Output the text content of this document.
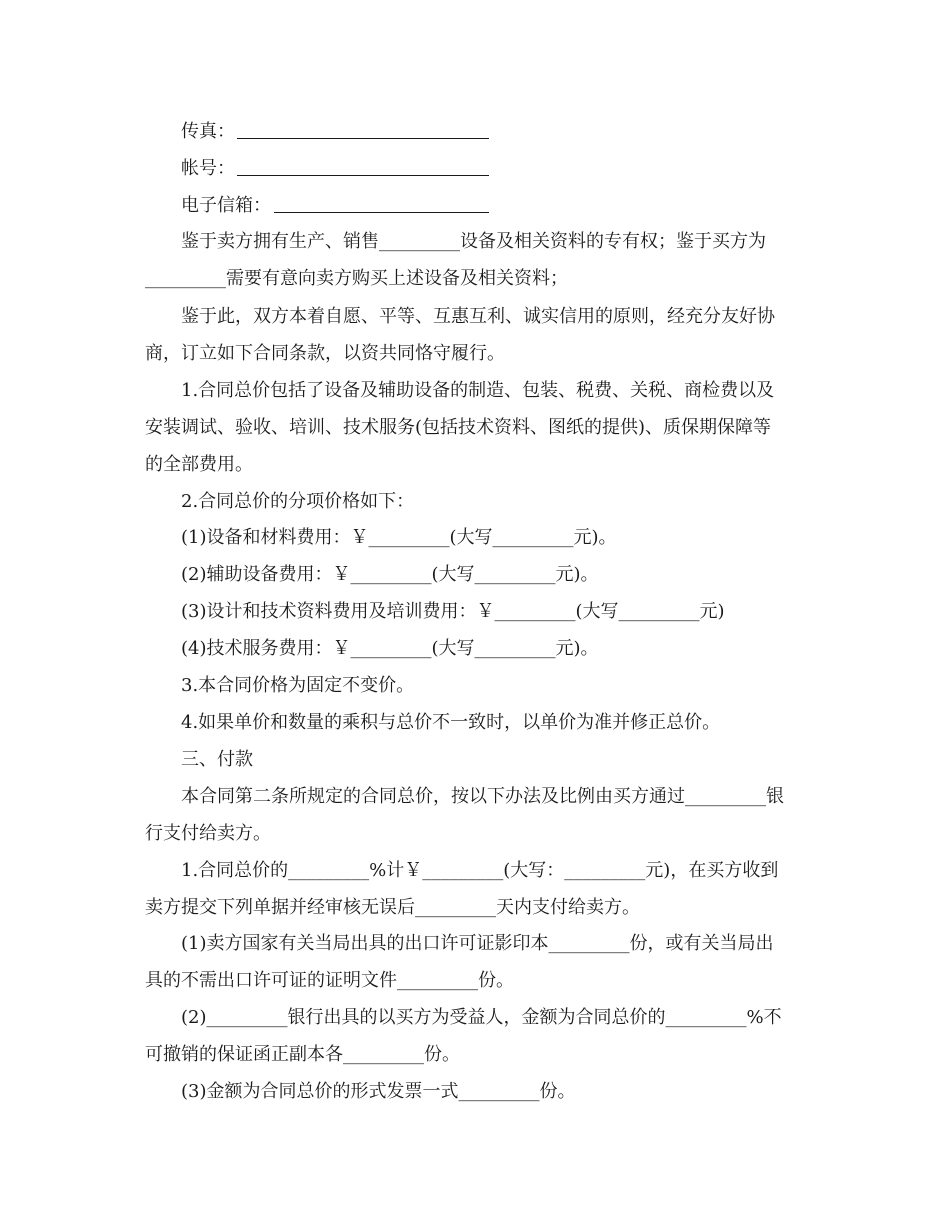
传真：
帐号：
电子信箱：
鉴于卖方拥有生产、销售_________设备及相关资料的专有权；鉴于买方为
_________需要有意向卖方购买上述设备及相关资料；
鉴于此，双方本着自愿、平等、互惠互利、诚实信用的原则，经充分友好协
商，订立如下合同条款，以资共同恪守履行。
1.合同总价包括了设备及辅助设备的制造、包装、税费、关税、商检费以及
安装调试、验收、培训、技术服务(包括技术资料、图纸的提供)、质保期保障等
的全部费用。
2.合同总价的分项价格如下：
(1)设备和材料费用：￥_________(大写_________元)。
(2)辅助设备费用：￥_________(大写_________元)。
(3)设计和技术资料费用及培训费用：￥_________(大写_________元)
(4)技术服务费用：￥_________(大写_________元)。
3.本合同价格为固定不变价。
4.如果单价和数量的乘积与总价不一致时，以单价为准并修正总价。
三、付款
本合同第二条所规定的合同总价，按以下办法及比例由买方通过_________银
行支付给卖方。
1.合同总价的_________%计￥_________(大写：_________元)，在买方收到
卖方提交下列单据并经审核无误后_________天内支付给卖方。
(1)卖方国家有关当局出具的出口许可证影印本_________份，或有关当局出
具的不需出口许可证的证明文件_________份。
(2)_________银行出具的以买方为受益人，金额为合同总价的_________%不
可撤销的保证函正副本各_________份。
(3)金额为合同总价的形式发票一式_________份。
